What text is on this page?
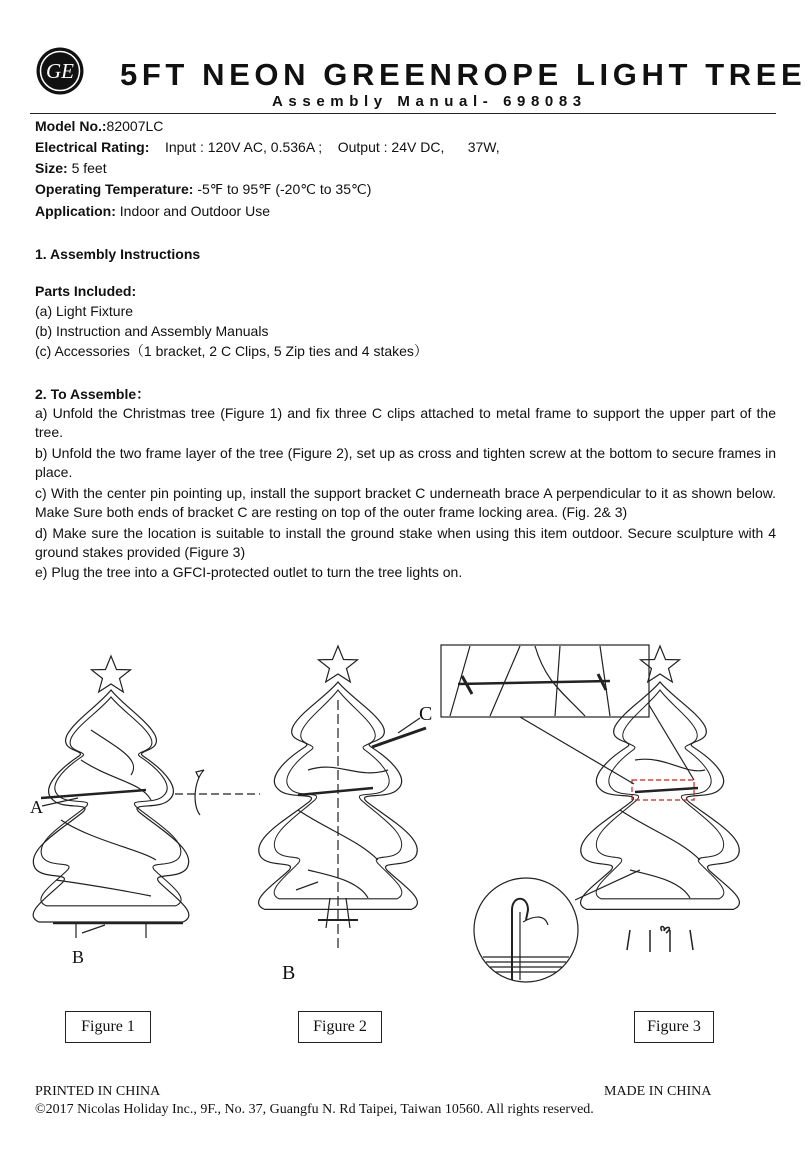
GE 5FT NEON GREENROPE LIGHT TREE
Assembly Manual- 698083
Model No.:82007LC
Electrical Rating: Input : 120V AC, 0.536A ; Output : 24V DC, 37W,
Size: 5 feet
Operating Temperature: -5℉ to 95℉ (-20℃ to 35℃)
Application: Indoor and Outdoor Use
1. Assembly Instructions
Parts Included:
(a) Light Fixture
(b) Instruction and Assembly Manuals
(c) Accessories（1 bracket, 2 C Clips, 5 Zip ties and 4 stakes）
2. To Assemble：
a) Unfold the Christmas tree (Figure 1) and fix three C clips attached to metal frame to support the upper part of the tree.
b) Unfold the two frame layer of the tree (Figure 2), set up as cross and tighten screw at the bottom to secure frames in place.
c) With the center pin pointing up, install the support bracket C underneath brace A perpendicular to it as shown below. Make Sure both ends of bracket C are resting on top of the outer frame locking area. (Fig. 2& 3)
d) Make sure the location is suitable to install the ground stake when using this item outdoor. Secure sculpture with 4 ground stakes provided (Figure 3)
e) Plug the tree into a GFCI-protected outlet to turn the tree lights on.
A
B
C
B
Figure 1	Figure 2	Figure 3
PRINTED IN CHINA	MADE IN CHINA
©2017 Nicolas Holiday Inc., 9F., No. 37, Guangfu N. Rd Taipei, Taiwan 10560. All rights reserved.
